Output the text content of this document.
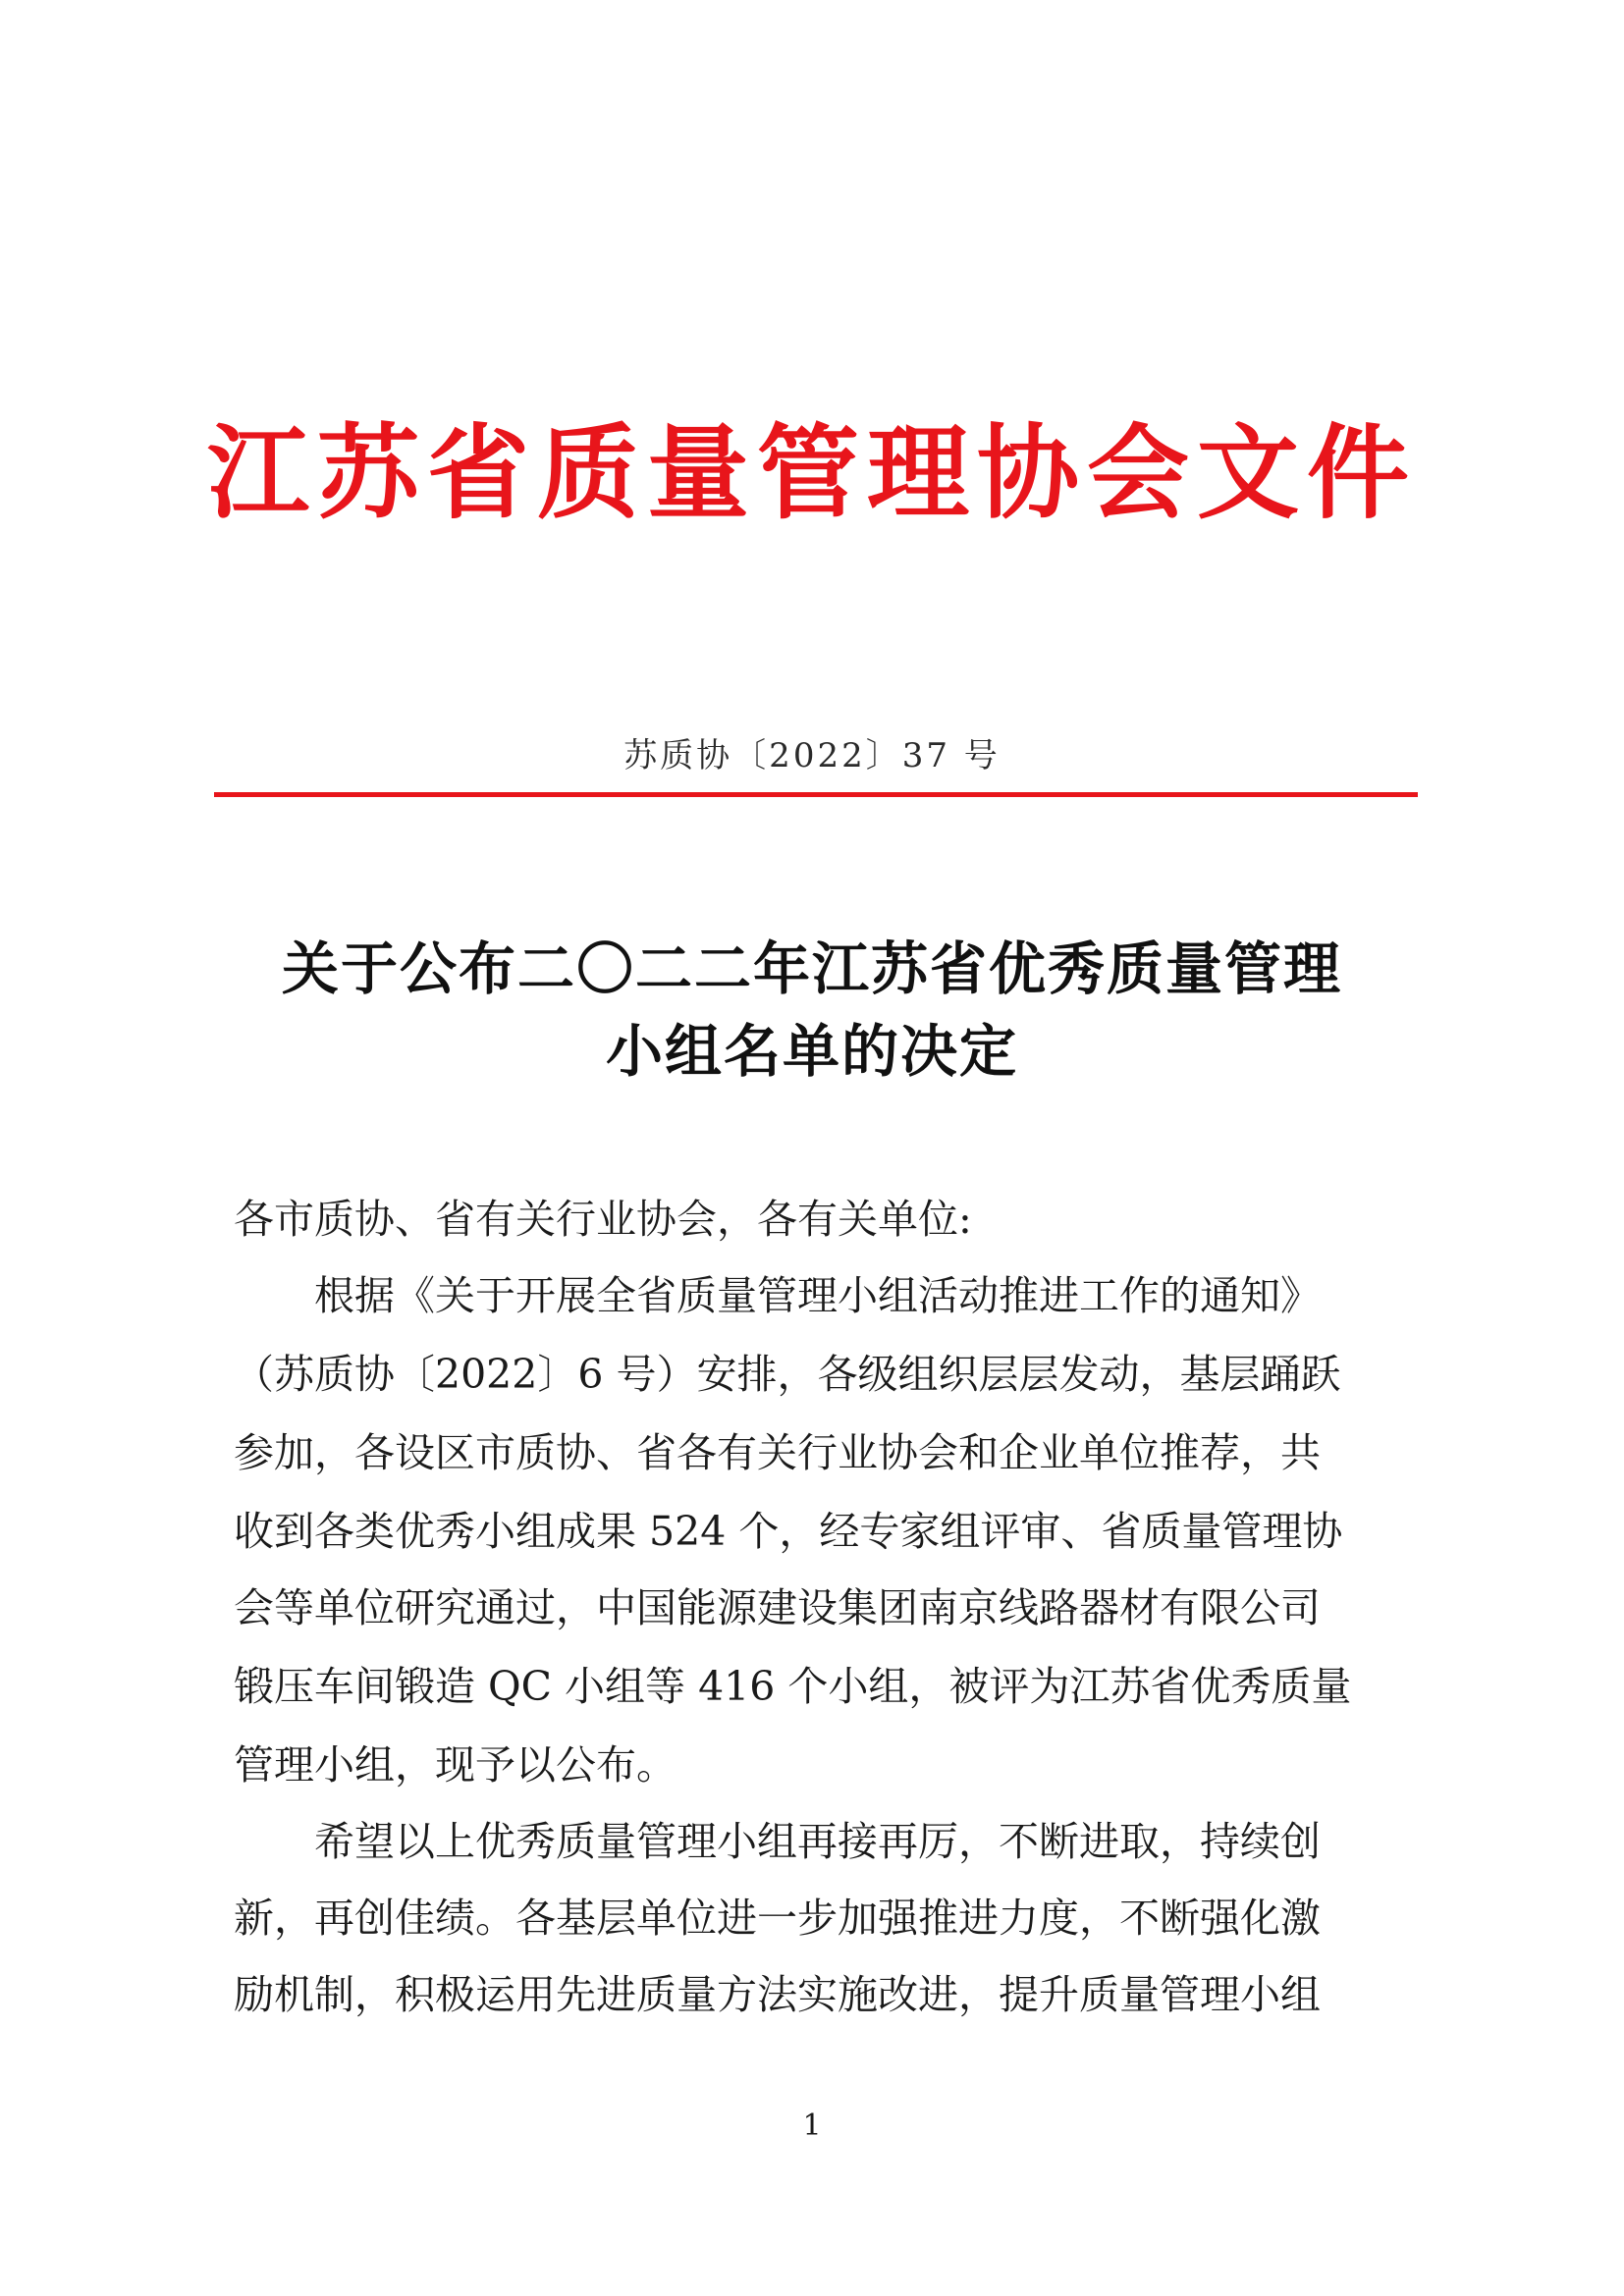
江苏省质量管理协会文件
苏质协〔2022〕37 号
关于公布二〇二二年江苏省优秀质量管理
小组名单的决定
各市质协、省有关行业协会，各有关单位:
　　根据《关于开展全省质量管理小组活动推进工作的通知》
（苏质协〔2022〕6 号）安排，各级组织层层发动，基层踊跃
参加，各设区市质协、省各有关行业协会和企业单位推荐，共
收到各类优秀小组成果 524 个，经专家组评审、省质量管理协
会等单位研究通过，中国能源建设集团南京线路器材有限公司
锻压车间锻造 QC 小组等 416 个小组，被评为江苏省优秀质量
管理小组，现予以公布。
　　希望以上优秀质量管理小组再接再厉，不断进取，持续创
新，再创佳绩。各基层单位进一步加强推进力度，不断强化激
励机制，积极运用先进质量方法实施改进，提升质量管理小组
1
